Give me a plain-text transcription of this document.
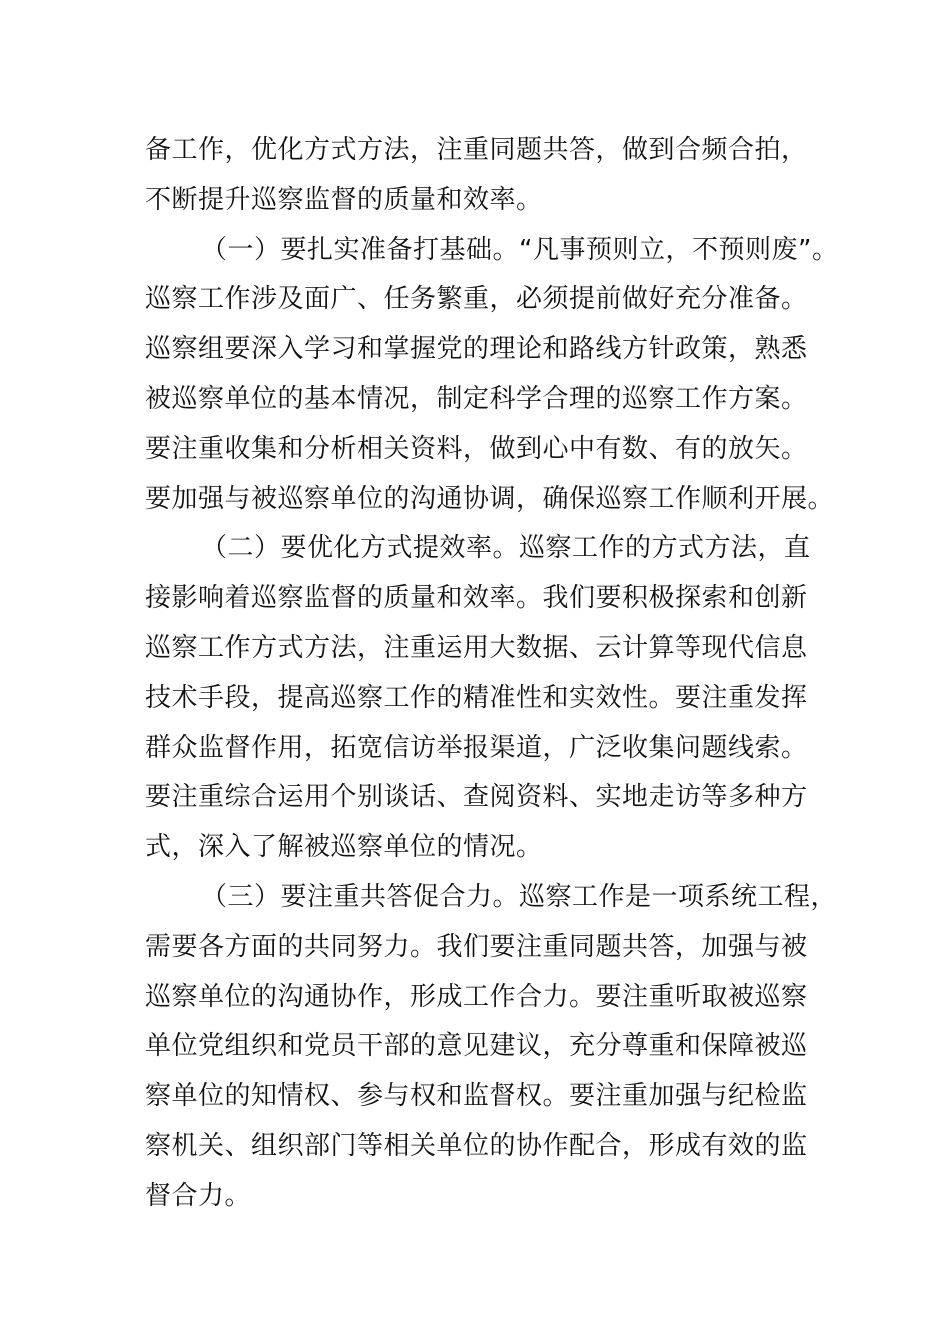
备工作，优化方式方法，注重同题共答，做到合频合拍，
不断提升巡察监督的质量和效率。
（一）要扎实准备打基础。“凡事预则立，不预则废”。
巡察工作涉及面广、任务繁重，必须提前做好充分准备。
巡察组要深入学习和掌握党的理论和路线方针政策，熟悉
被巡察单位的基本情况，制定科学合理的巡察工作方案。
要注重收集和分析相关资料，做到心中有数、有的放矢。
要加强与被巡察单位的沟通协调，确保巡察工作顺利开展。
（二）要优化方式提效率。巡察工作的方式方法，直
接影响着巡察监督的质量和效率。我们要积极探索和创新
巡察工作方式方法，注重运用大数据、云计算等现代信息
技术手段，提高巡察工作的精准性和实效性。要注重发挥
群众监督作用，拓宽信访举报渠道，广泛收集问题线索。
要注重综合运用个别谈话、查阅资料、实地走访等多种方
式，深入了解被巡察单位的情况。
（三）要注重共答促合力。巡察工作是一项系统工程，
需要各方面的共同努力。我们要注重同题共答，加强与被
巡察单位的沟通协作，形成工作合力。要注重听取被巡察
单位党组织和党员干部的意见建议，充分尊重和保障被巡
察单位的知情权、参与权和监督权。要注重加强与纪检监
察机关、组织部门等相关单位的协作配合，形成有效的监
督合力。
